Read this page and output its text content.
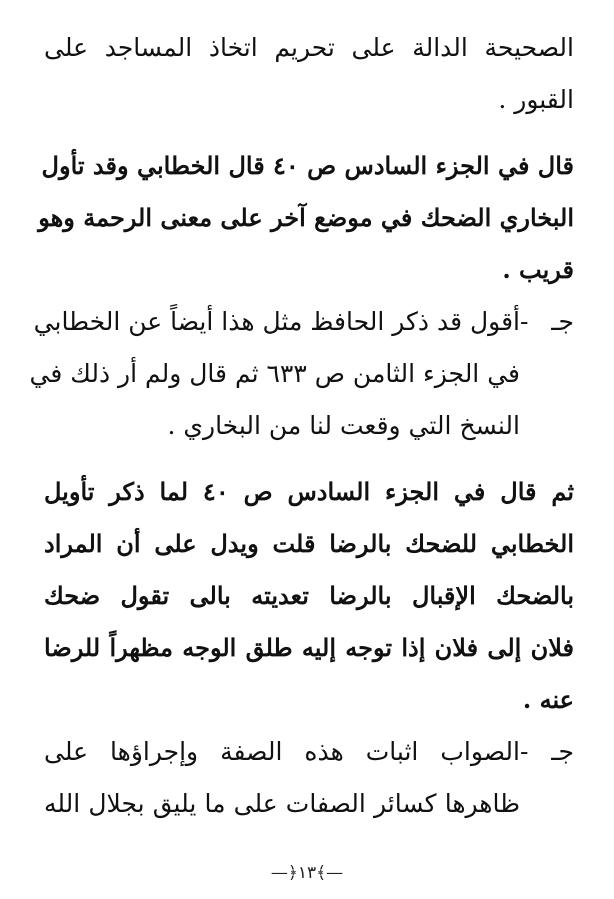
الصحيحة الدالة على تحريم اتخاذ المساجد على
القبور .
قال في الجزء السادس ص ٤٠ قال الخطابي وقد تأول
البخاري الضحك في موضع آخر على معنى الرحمة وهو
قريب .
جـ -أقول قد ذكر الحافظ مثل هذا أيضاً عن الخطابي
في الجزء الثامن ص ٦٣٣ ثم قال ولم أر ذلك في
النسخ التي وقعت لنا من البخاري .
ثم قال في الجزء السادس ص ٤٠ لما ذكر تأويل
الخطابي للضحك بالرضا قلت ويدل على أن المراد
بالضحك الإقبال بالرضا تعديته بالى تقول ضحك
فلان إلى فلان إذا توجه إليه طلق الوجه مظهراً للرضا
عنه .
جـ -الصواب اثبات هذه الصفة وإجراؤها على
ظاهرها كسائر الصفات على ما يليق بجلال الله
—﴿١٣﴾—
